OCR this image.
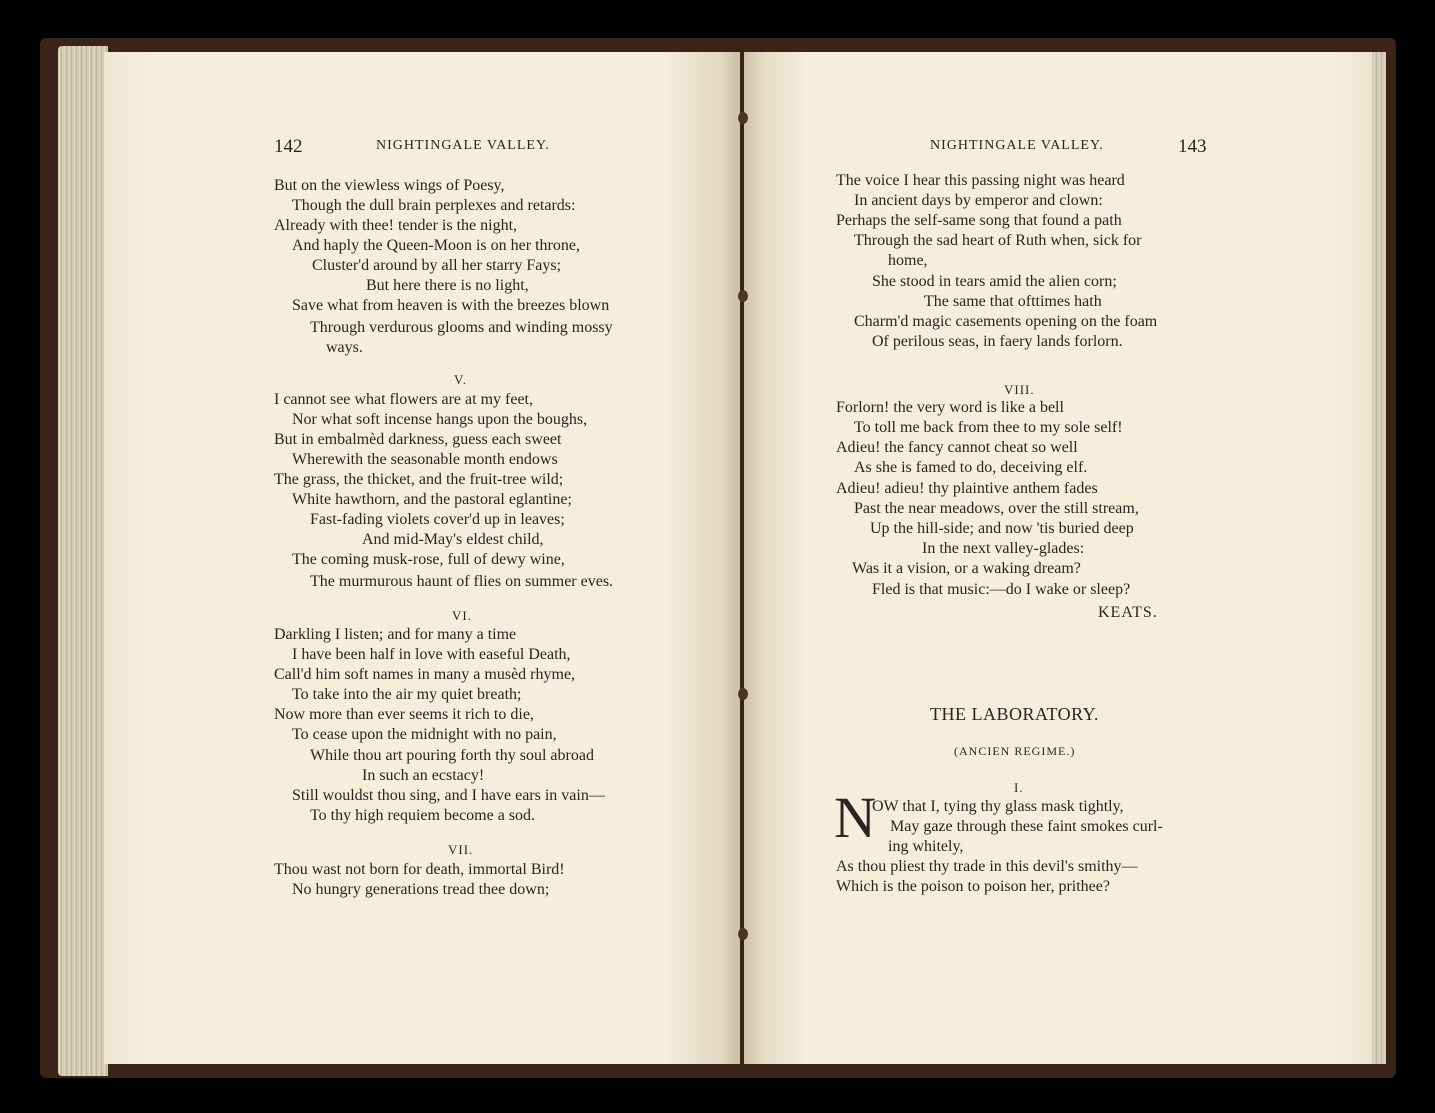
142	NIGHTINGALE VALLEY.
But on the viewless wings of Poesy,
Though the dull brain perplexes and retards:
Already with thee! tender is the night,
And haply the Queen-Moon is on her throne,
Cluster'd around by all her starry Fays;
But here there is no light,
Save what from heaven is with the breezes blown
Through verdurous glooms and winding mossy
ways.
V.
I cannot see what flowers are at my feet,
Nor what soft incense hangs upon the boughs,
But in embalmèd darkness, guess each sweet
Wherewith the seasonable month endows
The grass, the thicket, and the fruit-tree wild;
White hawthorn, and the pastoral eglantine;
Fast-fading violets cover'd up in leaves;
And mid-May's eldest child,
The coming musk-rose, full of dewy wine,
The murmurous haunt of flies on summer eves.
VI.
Darkling I listen; and for many a time
I have been half in love with easeful Death,
Call'd him soft names in many a musèd rhyme,
To take into the air my quiet breath;
Now more than ever seems it rich to die,
To cease upon the midnight with no pain,
While thou art pouring forth thy soul abroad
In such an ecstacy!
Still wouldst thou sing, and I have ears in vain—
To thy high requiem become a sod.
VII.
Thou wast not born for death, immortal Bird!
No hungry generations tread thee down;
NIGHTINGALE VALLEY.	143
The voice I hear this passing night was heard
In ancient days by emperor and clown:
Perhaps the self-same song that found a path
Through the sad heart of Ruth when, sick for
home,
She stood in tears amid the alien corn;
The same that ofttimes hath
Charm'd magic casements opening on the foam
Of perilous seas, in faery lands forlorn.
VIII.
Forlorn! the very word is like a bell
To toll me back from thee to my sole self!
Adieu! the fancy cannot cheat so well
As she is famed to do, deceiving elf.
Adieu! adieu! thy plaintive anthem fades
Past the near meadows, over the still stream,
Up the hill-side; and now 'tis buried deep
In the next valley-glades:
Was it a vision, or a waking dream?
Fled is that music:—do I wake or sleep?
KEATS.
THE LABORATORY.
(ANCIEN REGIME.)
I.
N
OW that I, tying thy glass mask tightly,
May gaze through these faint smokes curl-
ing whitely,
As thou pliest thy trade in this devil's smithy—
Which is the poison to poison her, prithee?
